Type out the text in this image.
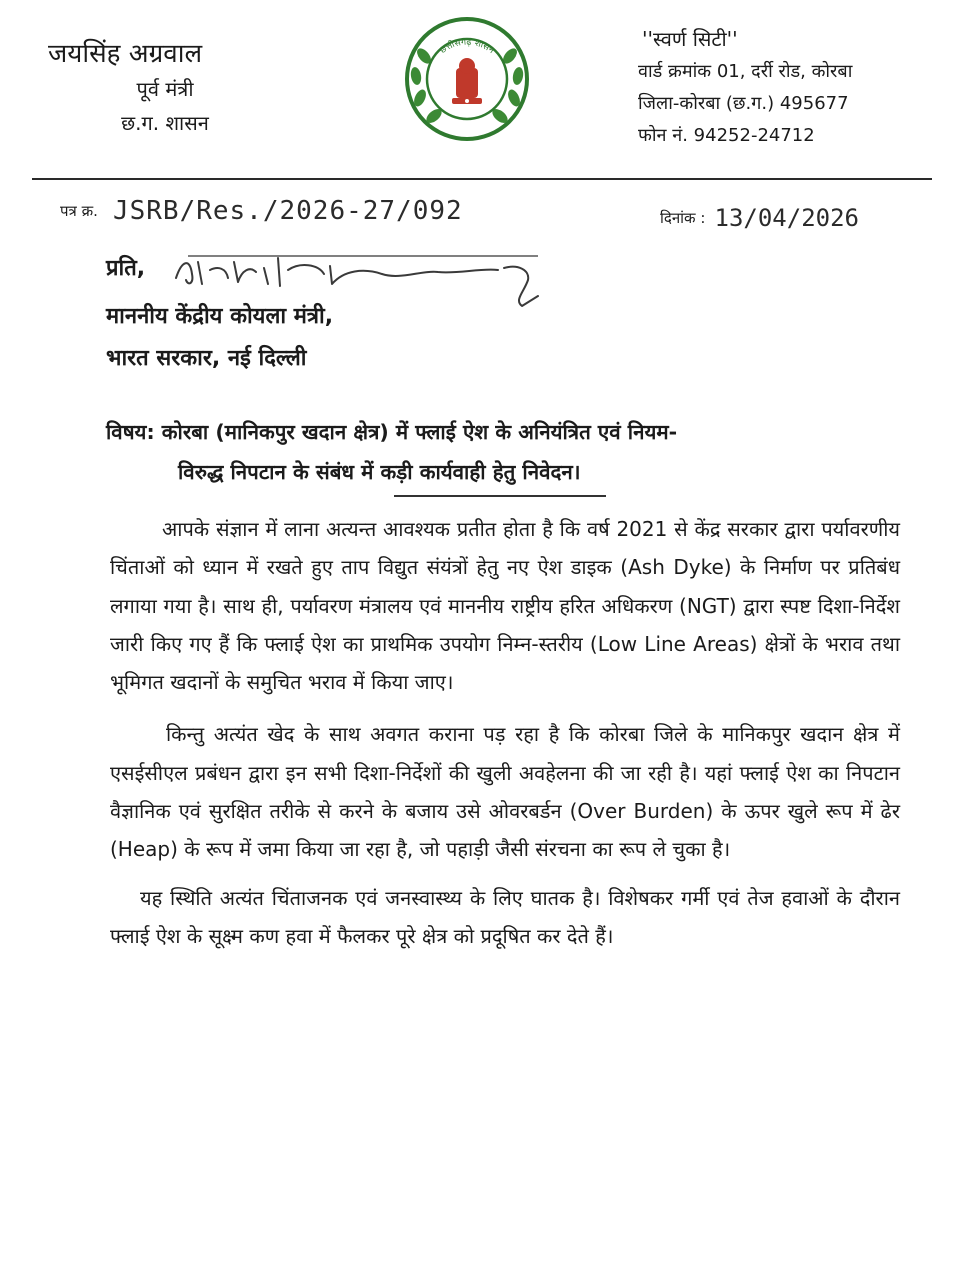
जयसिंह अग्रवाल
पूर्व मंत्री
छ.ग. शासन
छत्तीसगढ़ शासन	''स्वर्ण सिटी''
वार्ड क्रमांक 01, दर्री रोड, कोरबा
जिला-कोरबा (छ.ग.) 495677
फोन नं. 94252-24712
पत्र क्र. JSRB/Res./2026-27/092	दिनांक : 13/04/2026
प्रति,
माननीय केंद्रीय कोयला मंत्री,
भारत सरकार, नई दिल्ली
विषय: कोरबा (मानिकपुर खदान क्षेत्र) में फ्लाई ऐश के अनियंत्रित एवं नियम-
विरुद्ध निपटान के संबंध में कड़ी कार्यवाही हेतु निवेदन।

आपके संज्ञान में लाना अत्यन्त आवश्यक प्रतीत होता है कि वर्ष 2021 से केंद्र सरकार द्वारा पर्यावरणीय चिंताओं को ध्यान में रखते हुए ताप विद्युत संयंत्रों हेतु नए ऐश डाइक (Ash Dyke) के निर्माण पर प्रतिबंध लगाया गया है। साथ ही, पर्यावरण मंत्रालय एवं माननीय राष्ट्रीय हरित अधिकरण (NGT) द्वारा स्पष्ट दिशा-निर्देश जारी किए गए हैं कि फ्लाई ऐश का प्राथमिक उपयोग निम्न-स्तरीय (Low Line Areas) क्षेत्रों के भराव तथा भूमिगत खदानों के समुचित भराव में किया जाए।

किन्तु अत्यंत खेद के साथ अवगत कराना पड़ रहा है कि कोरबा जिले के मानिकपुर खदान क्षेत्र में एसईसीएल प्रबंधन द्वारा इन सभी दिशा-निर्देशों की खुली अवहेलना की जा रही है। यहां फ्लाई ऐश का निपटान वैज्ञानिक एवं सुरक्षित तरीके से करने के बजाय उसे ओवरबर्डन (Over Burden) के ऊपर खुले रूप में ढेर (Heap) के रूप में जमा किया जा रहा है, जो पहाड़ी जैसी संरचना का रूप ले चुका है।

यह स्थिति अत्यंत चिंताजनक एवं जनस्वास्थ्य के लिए घातक है। विशेषकर गर्मी एवं तेज हवाओं के दौरान फ्लाई ऐश के सूक्ष्म कण हवा में फैलकर पूरे क्षेत्र को प्रदूषित कर देते हैं।
